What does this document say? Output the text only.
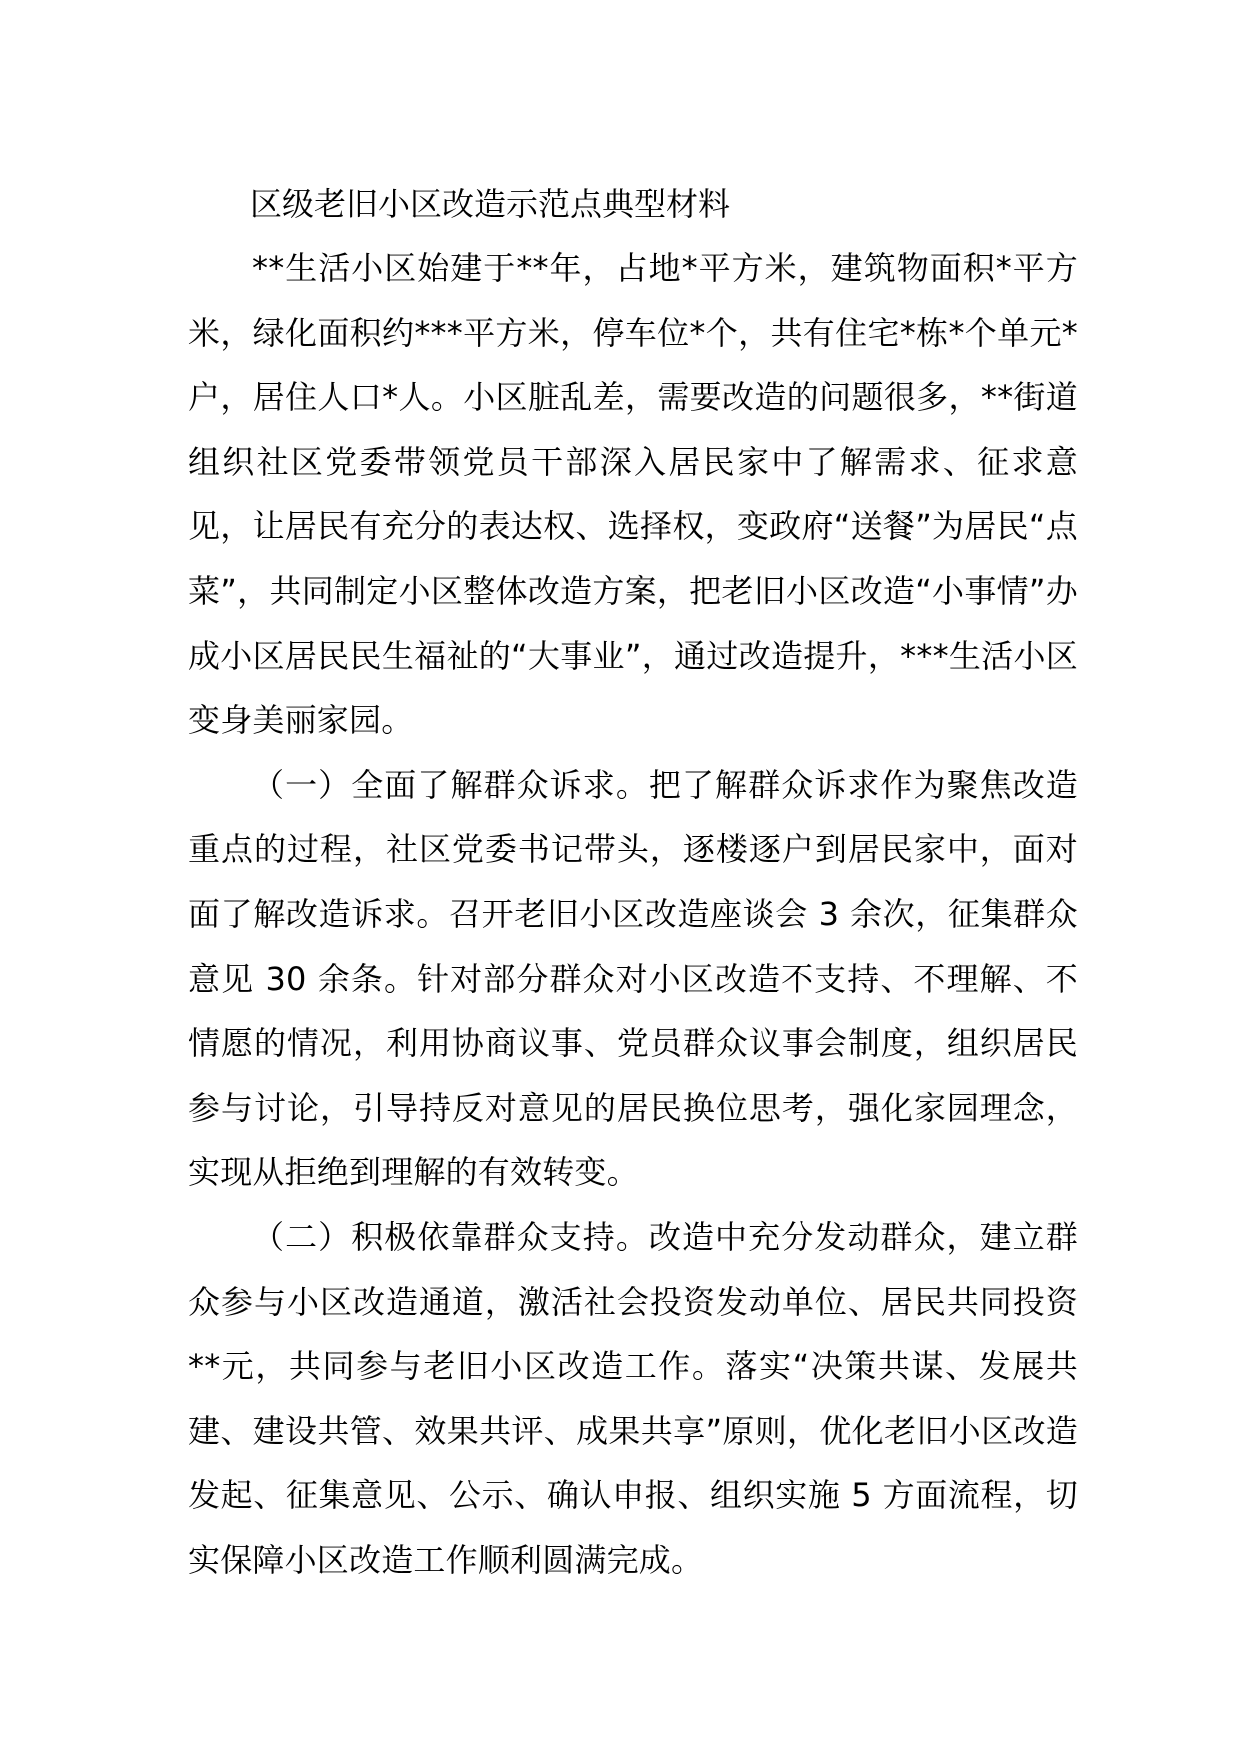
区级老旧小区改造示范点典型材料

**生活小区始建于**年，占地*平方米，建筑物面积*平方米，绿化面积约***平方米，停车位*个，共有住宅*栋*个单元*户，居住人口*人。小区脏乱差，需要改造的问题很多，**街道组织社区党委带领党员干部深入居民家中了解需求、征求意见，让居民有充分的表达权、选择权，变政府“送餐”为居民“点菜”，共同制定小区整体改造方案，把老旧小区改造“小事情”办成小区居民民生福祉的“大事业”，通过改造提升，***生活小区变身美丽家园。

（一）全面了解群众诉求。把了解群众诉求作为聚焦改造重点的过程，社区党委书记带头，逐楼逐户到居民家中，面对面了解改造诉求。召开老旧小区改造座谈会 3 余次，征集群众意见 30 余条。针对部分群众对小区改造不支持、不理解、不情愿的情况，利用协商议事、党员群众议事会制度，组织居民参与讨论，引导持反对意见的居民换位思考，强化家园理念，实现从拒绝到理解的有效转变。

（二）积极依靠群众支持。改造中充分发动群众，建立群众参与小区改造通道，激活社会投资发动单位、居民共同投资**元，共同参与老旧小区改造工作。落实“决策共谋、发展共建、建设共管、效果共评、成果共享”原则，优化老旧小区改造发起、征集意见、公示、确认申报、组织实施 5 方面流程，切实保障小区改造工作顺利圆满完成。
